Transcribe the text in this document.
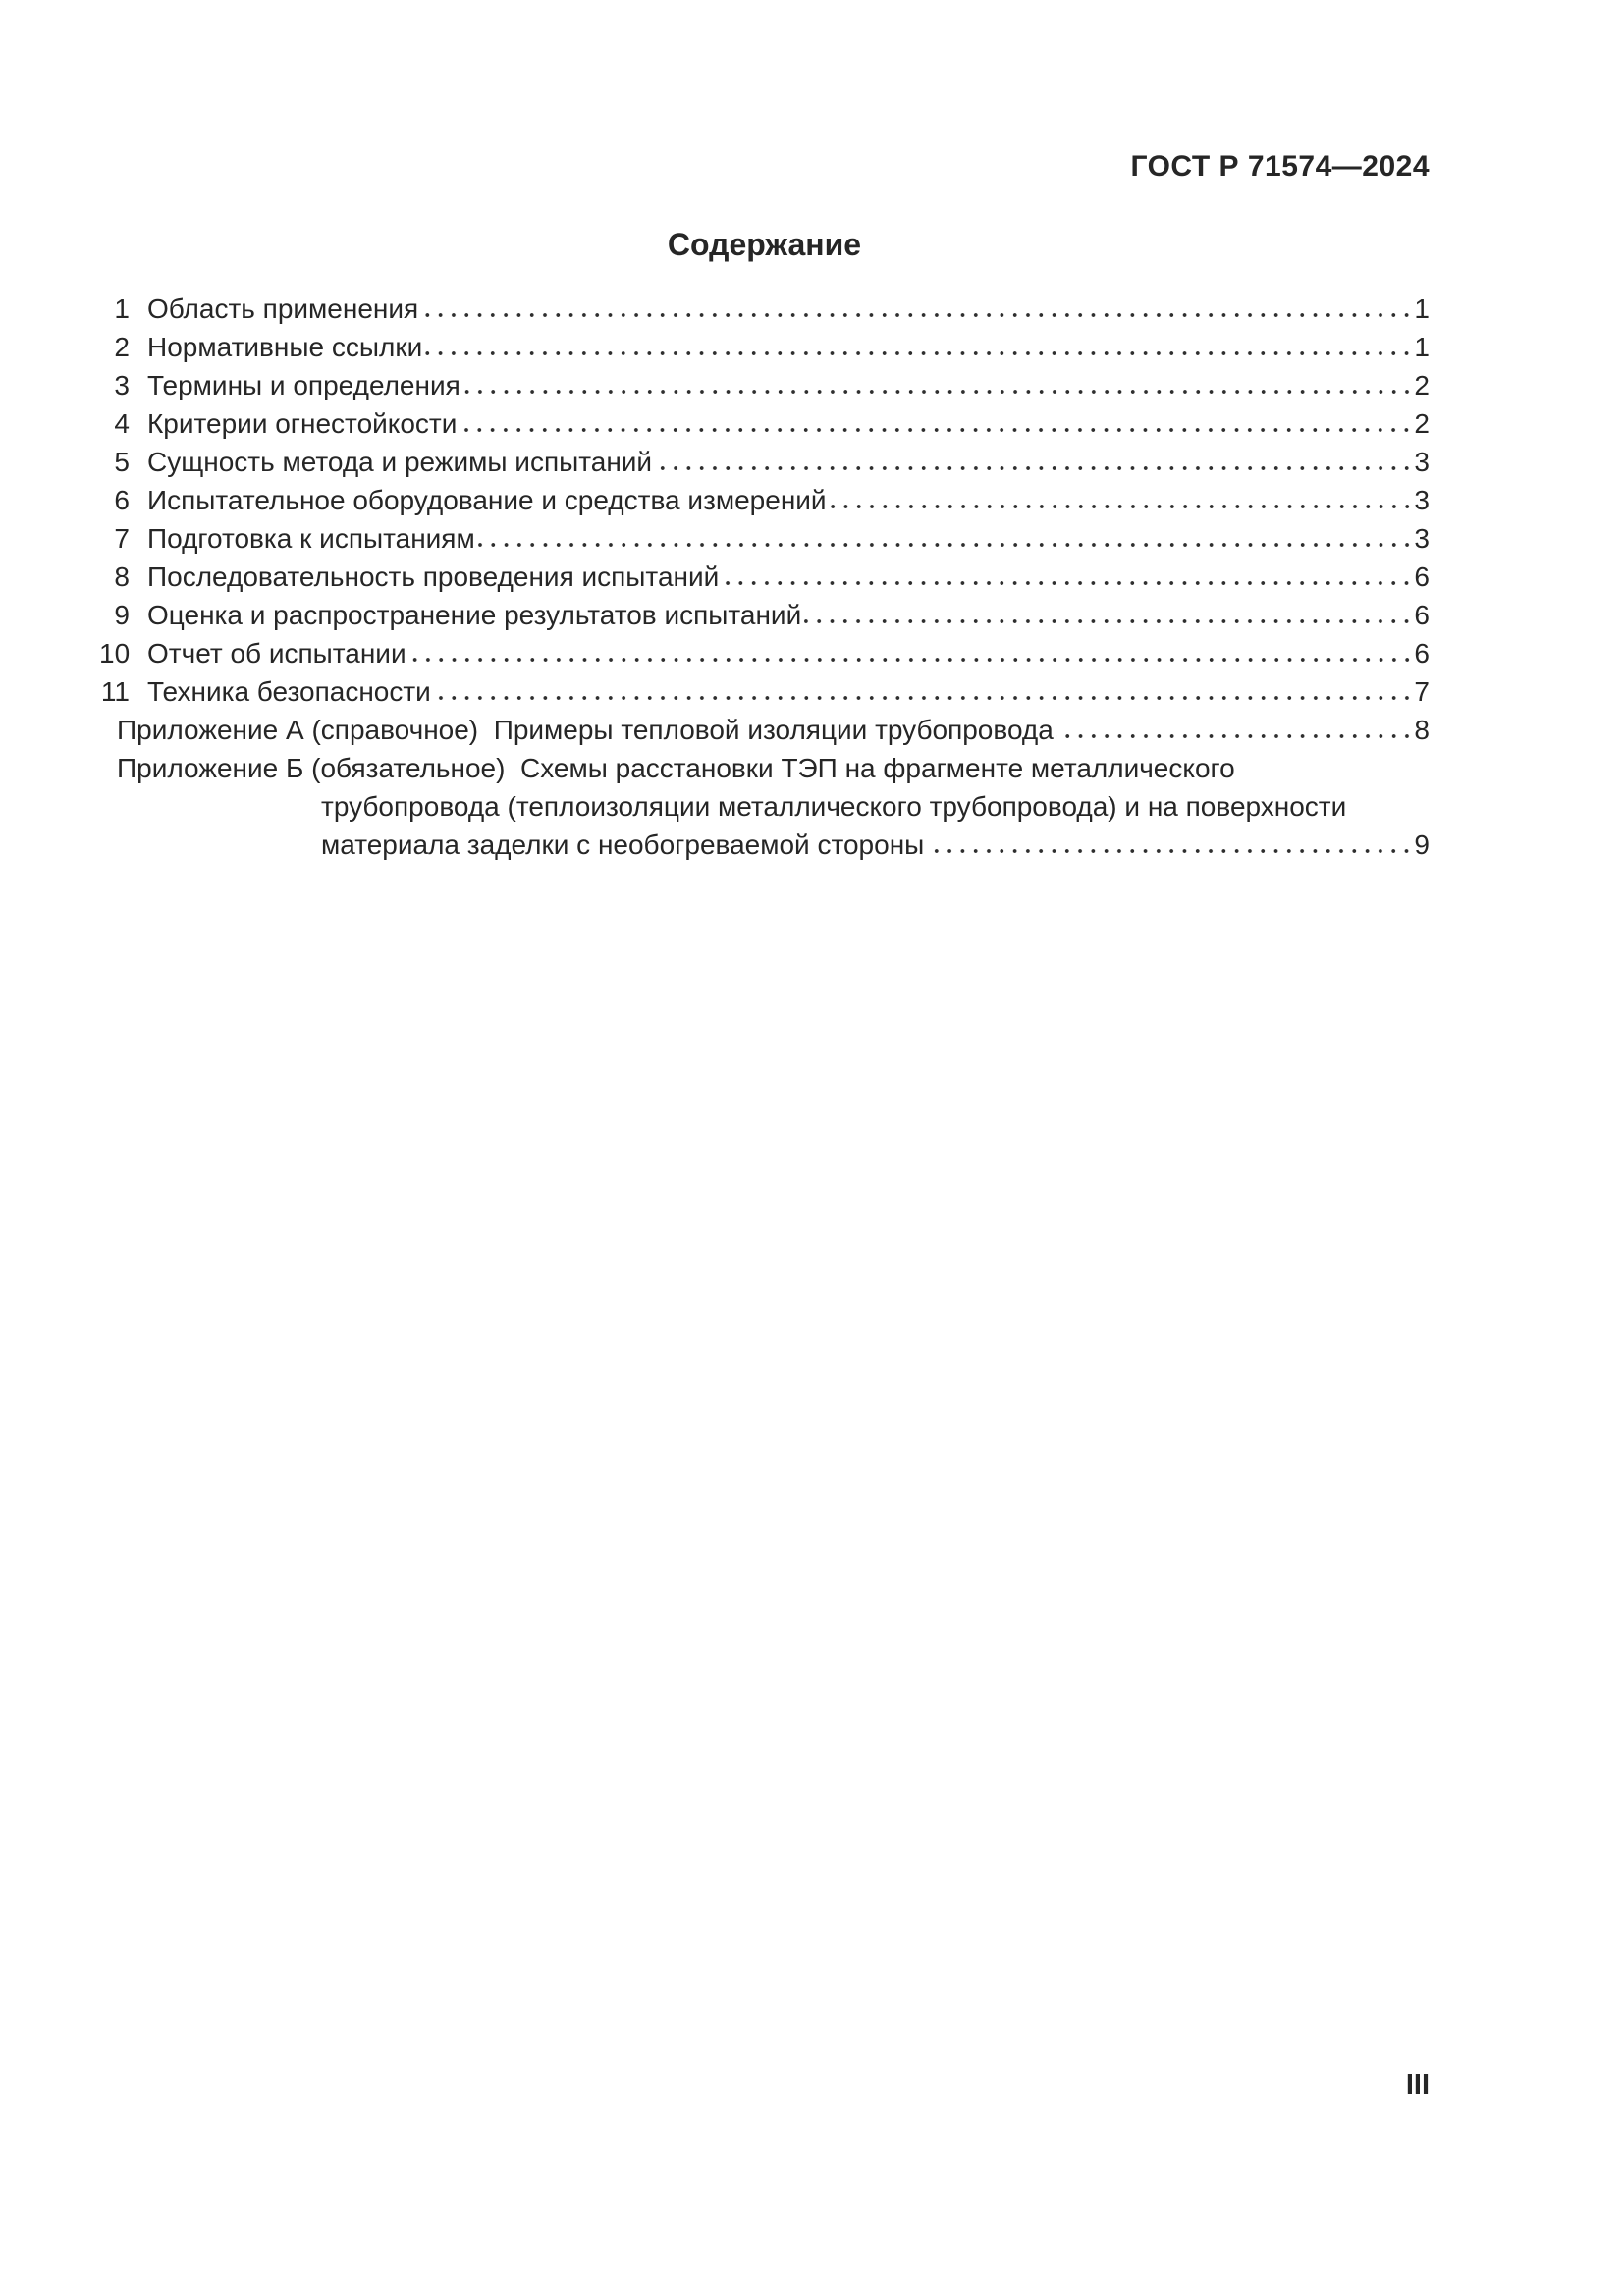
ГОСТ Р 71574—2024
Содержание
1 Область применения	1
2 Нормативные ссылки	1
3 Термины и определения	2
4 Критерии огнестойкости	2
5 Сущность метода и режимы испытаний	3
6 Испытательное оборудование и средства измерений	3
7 Подготовка к испытаниям	3
8 Последовательность проведения испытаний	6
9 Оценка и распространение результатов испытаний	6
10 Отчет об испытании	6
11 Техника безопасности	7
Приложение А (справочное)  Примеры тепловой изоляции трубопровода	8
Приложение Б (обязательное)  Схемы расстановки ТЭП на фрагменте металлического
трубопровода (теплоизоляции металлического трубопровода) и на поверхности
материала заделки с необогреваемой стороны	9
III
